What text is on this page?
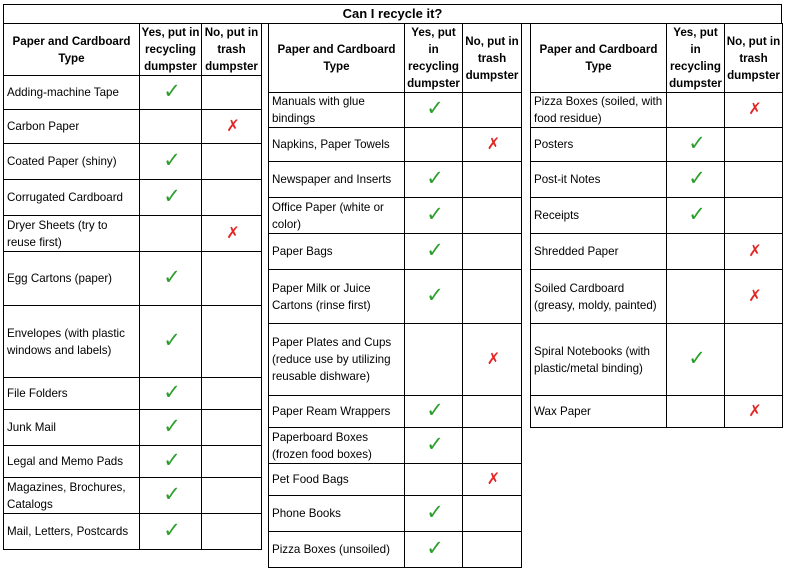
Can I recycle it?
Paper and Cardboard Type	Yes, put in recycling dumpster	No, put in trash dumpster
Adding-machine Tape	✓	
Carbon Paper		✗
Coated Paper (shiny)	✓	
Corrugated Cardboard	✓	
Dryer Sheets (try to reuse first)		✗
Egg Cartons (paper)	✓	
Envelopes (with plastic windows and labels)	✓	
File Folders	✓	
Junk Mail	✓	
Legal and Memo Pads	✓	
Magazines, Brochures, Catalogs	✓	
Mail, Letters, Postcards	✓	
Paper and Cardboard Type	Yes, put in recycling dumpster	No, put in trash dumpster
Manuals with glue bindings	✓	
Napkins, Paper Towels		✗
Newspaper and Inserts	✓	
Office Paper (white or color)	✓	
Paper Bags	✓	
Paper Milk or Juice Cartons (rinse first)	✓	
Paper Plates and Cups (reduce use by utilizing reusable dishware)		✗
Paper Ream Wrappers	✓	
Paperboard Boxes (frozen food boxes)	✓	
Pet Food Bags		✗
Phone Books	✓	
Pizza Boxes (unsoiled)	✓	
Paper and Cardboard Type	Yes, put in recycling dumpster	No, put in trash dumpster
Pizza Boxes (soiled, with food residue)		✗
Posters	✓	
Post-it Notes	✓	
Receipts	✓	
Shredded Paper		✗
Soiled Cardboard (greasy, moldy, painted)		✗
Spiral Notebooks (with plastic/metal binding)	✓	
Wax Paper		✗
